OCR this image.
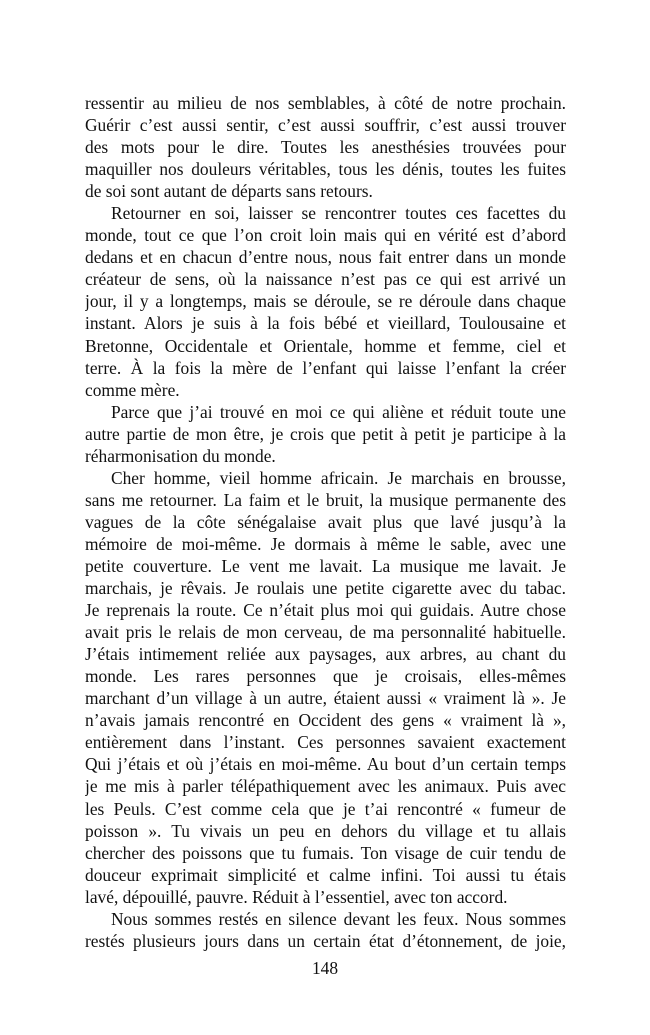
ressentir au milieu de nos semblables, à côté de notre prochain.
Guérir c’est aussi sentir, c’est aussi souffrir, c’est aussi trouver
des mots pour le dire. Toutes les anesthésies trouvées pour
maquiller nos douleurs véritables, tous les dénis, toutes les fuites
de soi sont autant de départs sans retours.
Retourner en soi, laisser se rencontrer toutes ces facettes du
monde, tout ce que l’on croit loin mais qui en vérité est d’abord
dedans et en chacun d’entre nous, nous fait entrer dans un monde
créateur de sens, où la naissance n’est pas ce qui est arrivé un
jour, il y a longtemps, mais se déroule, se re déroule dans chaque
instant. Alors je suis à la fois bébé et vieillard, Toulousaine et
Bretonne, Occidentale et Orientale, homme et femme, ciel et
terre. À la fois la mère de l’enfant qui laisse l’enfant la créer
comme mère.
Parce que j’ai trouvé en moi ce qui aliène et réduit toute une
autre partie de mon être, je crois que petit à petit je participe à la
réharmonisation du monde.
Cher homme, vieil homme africain. Je marchais en brousse,
sans me retourner. La faim et le bruit, la musique permanente des
vagues de la côte sénégalaise avait plus que lavé jusqu’à la
mémoire de moi-même. Je dormais à même le sable, avec une
petite couverture. Le vent me lavait. La musique me lavait. Je
marchais, je rêvais. Je roulais une petite cigarette avec du tabac.
Je reprenais la route. Ce n’était plus moi qui guidais. Autre chose
avait pris le relais de mon cerveau, de ma personnalité habituelle.
J’étais intimement reliée aux paysages, aux arbres, au chant du
monde. Les rares personnes que je croisais, elles-mêmes
marchant d’un village à un autre, étaient aussi « vraiment là ». Je
n’avais jamais rencontré en Occident des gens « vraiment là »,
entièrement dans l’instant. Ces personnes savaient exactement
Qui j’étais et où j’étais en moi-même. Au bout d’un certain temps
je me mis à parler télépathiquement avec les animaux. Puis avec
les Peuls. C’est comme cela que je t’ai rencontré « fumeur de
poisson ». Tu vivais un peu en dehors du village et tu allais
chercher des poissons que tu fumais. Ton visage de cuir tendu de
douceur exprimait simplicité et calme infini. Toi aussi tu étais
lavé, dépouillé, pauvre. Réduit à l’essentiel, avec ton accord.
Nous sommes restés en silence devant les feux. Nous sommes
restés plusieurs jours dans un certain état d’étonnement, de joie,
148
